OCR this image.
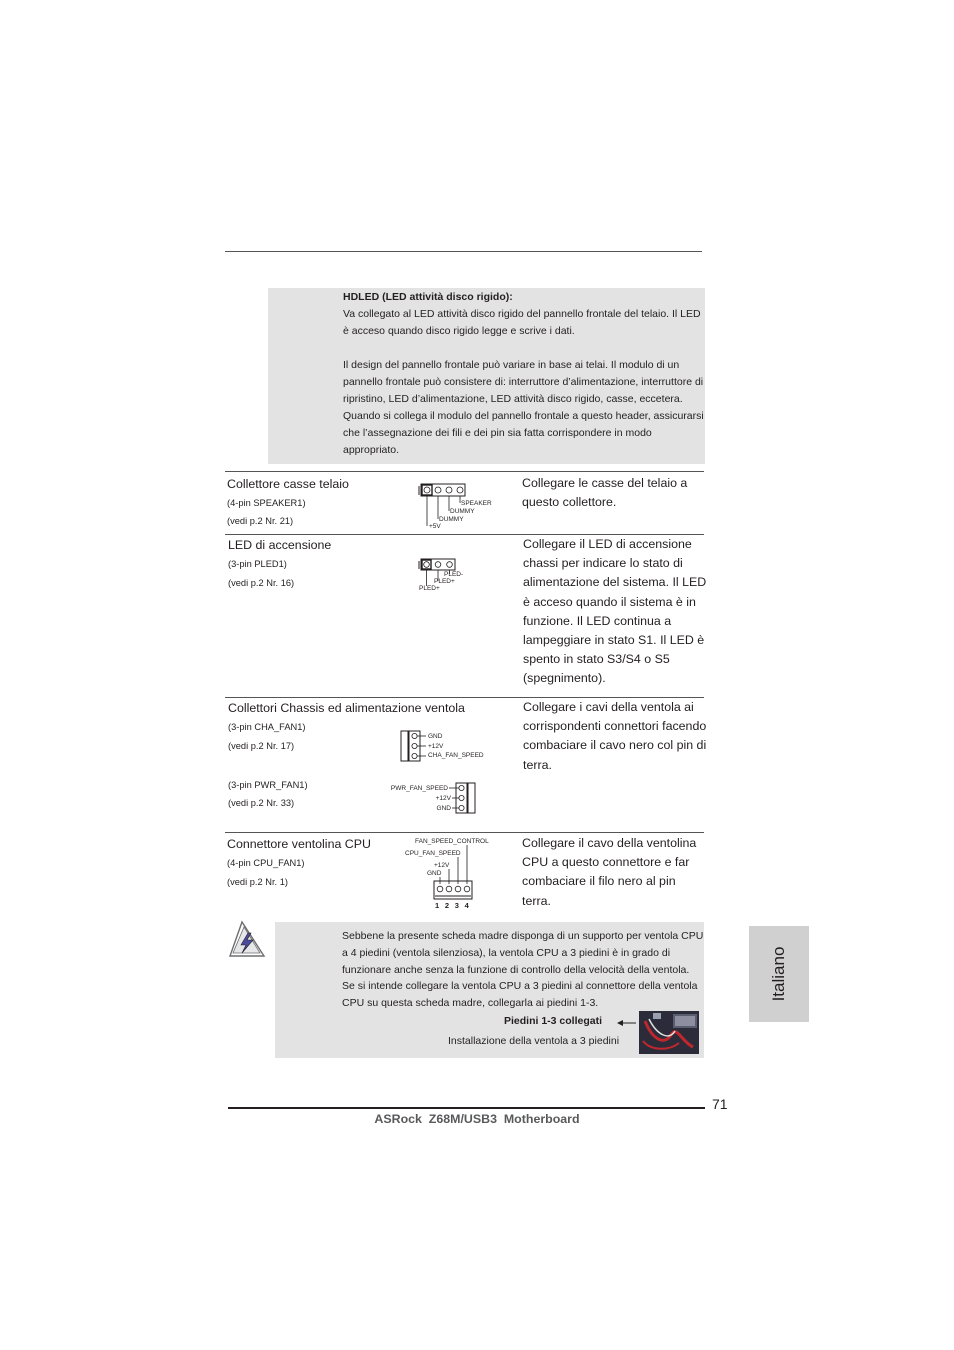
HDLED (LED attività disco rigido):
Va collegato al LED attività disco rigido del pannello frontale del telaio. Il LED è acceso quando disco rigido legge e scrive i dati.
Il design del pannello frontale può variare in base ai telai. Il modulo di un pannello frontale può consistere di: interruttore d’alimentazione, interruttore di ripristino, LED d’alimentazione, LED attività disco rigido, casse, eccetera. Quando si collega il modulo del pannello frontale a questo header, assicurarsi che l’assegnazione dei fili e dei pin sia fatta corrispondere in modo appropriato.
Collettore casse telaio
(4-pin SPEAKER1)
(vedi p.2 Nr. 21)
SPEAKER
DUMMY
DUMMY
+5V
Collegare le casse del telaio a questo collettore.
LED di accensione
(3-pin PLED1)
(vedi p.2 Nr. 16)
PLED-
PLED+
PLED+
Collegare il LED di accensione chassi per indicare lo stato di alimentazione del sistema. Il LED è acceso quando il sistema è in funzione. Il LED continua a lampeggiare in stato S1. Il LED è spento in stato S3/S4 o S5 (spegnimento).
Collettori Chassis ed alimentazione ventola
(3-pin CHA_FAN1)
(vedi p.2 Nr. 17)
(3-pin PWR_FAN1)
(vedi p.2 Nr. 33)
GND
+12V
CHA_FAN_SPEED
PWR_FAN_SPEED
+12V
GND
Collegare i cavi della ventola ai corrispondenti connettori facendo combaciare il cavo nero col pin di terra.
Connettore ventolina CPU
(4-pin CPU_FAN1)
(vedi p.2 Nr. 1)
FAN_SPEED_CONTROL
CPU_FAN_SPEED
+12V
GND
1 2 3 4
Collegare il cavo della ventolina CPU a questo connettore e far combaciare il filo nero al pin terra.
Sebbene la presente scheda madre disponga di un supporto per ventola CPU a 4 piedini (ventola silenziosa), la ventola CPU a 3 piedini è in grado di funzionare anche senza la funzione di controllo della velocità della ventola. Se si intende collegare la ventola CPU a 3 piedini al connettore della ventola CPU su questa scheda madre, collegarla ai piedini 1-3.
Piedini 1-3 collegati
Installazione della ventola a 3 piedini
Italiano
71
ASRock  Z68M/USB3  Motherboard
